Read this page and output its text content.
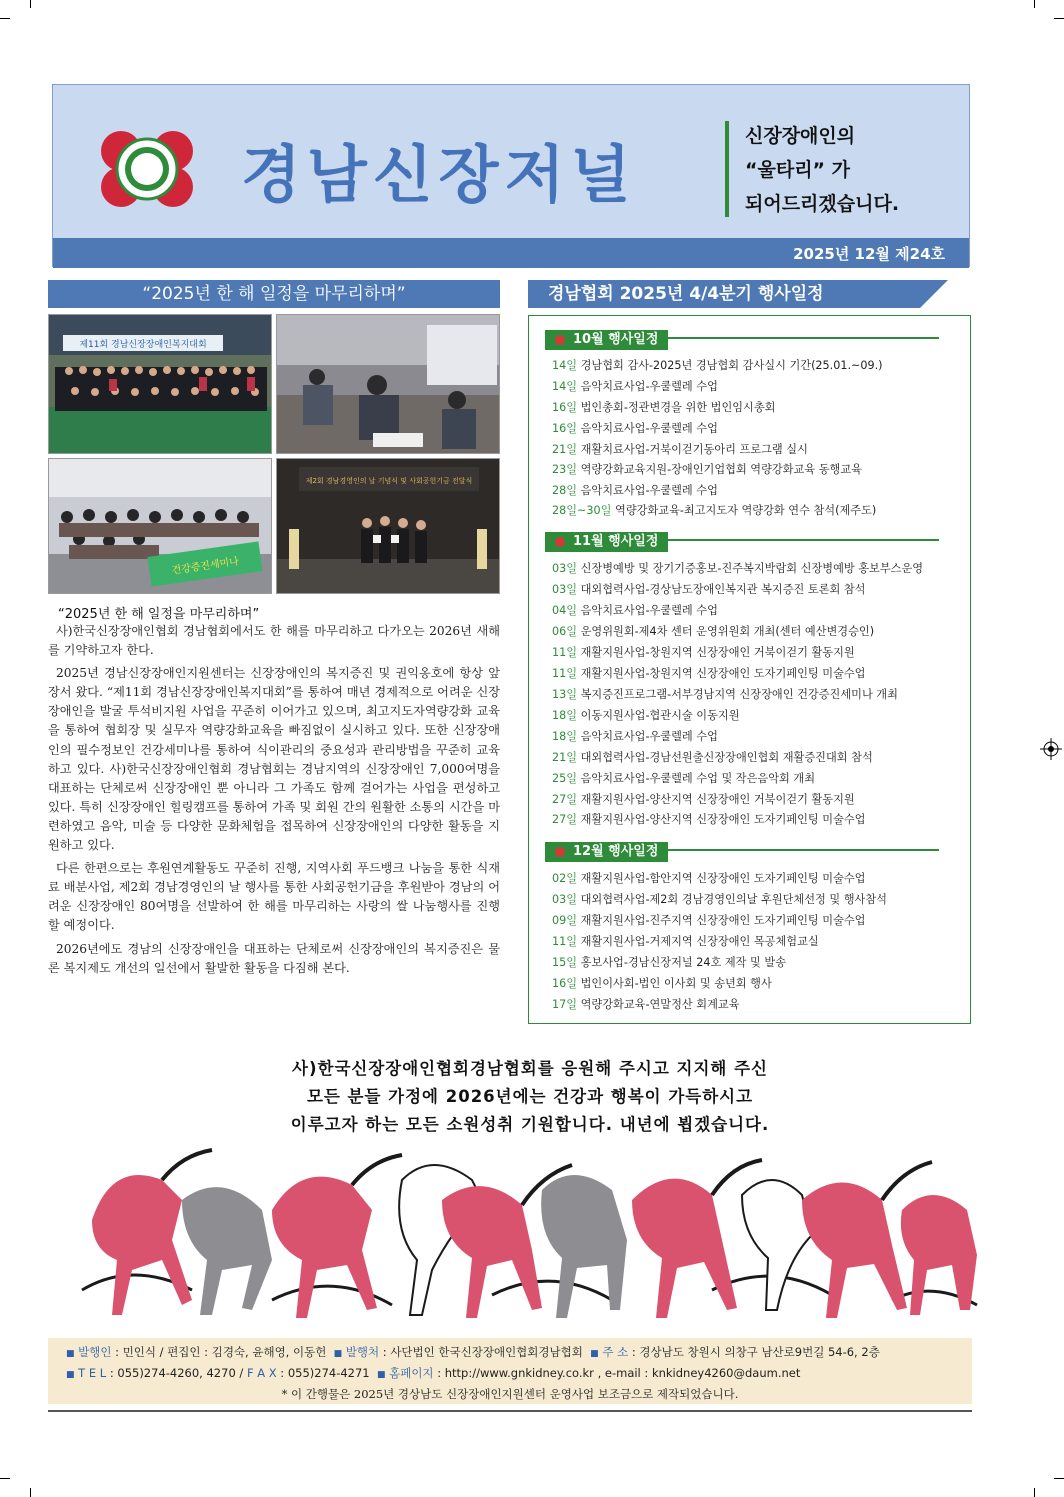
경남신장저널
신장장애인의
“울타리” 가
되어드리겠습니다.
2025년 12월 제24호
“2025년 한 해 일정을 마무리하며”	경남협회 2025년 4/4분기 행사일정
제11회 경남신장장애인복지대회
건강증진세미나
제2회 경남경영인의 날 기념식 및 사회공헌기금 전달식
“2025년 한 해 일정을 마무리하며”

사)한국신장장애인협회 경남협회에서도 한 해를 마무리하고 다가오는 2026년 새해를 기약하고자 한다.

2025년 경남신장장애인지원센터는 신장장애인의 복지증진 및 권익옹호에 항상 앞장서 왔다. “제11회 경남신장장애인복지대회”를 통하여 매년 경제적으로 어려운 신장장애인을 발굴 투석비지원 사업을 꾸준히 이어가고 있으며, 최고지도자역량강화 교육을 통하여 협회장 및 실무자 역량강화교육을 빠짐없이 실시하고 있다. 또한 신장장애인의 필수정보인 건강세미나를 통하여 식이관리의 중요성과 관리방법을 꾸준히 교육하고 있다. 사)한국신장장애인협회 경남협회는 경남지역의 신장장애인 7,000여명을 대표하는 단체로써 신장장애인 뿐 아니라 그 가족도 함께 걸어가는 사업을 편성하고 있다. 특히 신장장애인 힐링캠프를 통하여 가족 및 회원 간의 원활한 소통의 시간을 마련하였고 음악, 미술 등 다양한 문화체험을 접목하여 신장장애인의 다양한 활동을 지원하고 있다.

다른 한편으로는 후원연계활동도 꾸준히 진행, 지역사회 푸드뱅크 나눔을 통한 식재료 배분사업, 제2회 경남경영인의 날 행사를 통한 사회공헌기금을 후원받아 경남의 어려운 신장장애인 80여명을 선발하여 한 해를 마무리하는 사랑의 쌀 나눔행사를 진행 할 예정이다.

2026년에도 경남의 신장장애인을 대표하는 단체로써 신장장애인의 복지증진은 물론 복지제도 개선의 일선에서 활발한 활동을 다짐해 본다.

10월 행사일정
14일 경남협회 감사-2025년 경남협회 감사실시 기간(25.01.~09.)
14일 음악치료사업-우쿨렐레 수업
16일 법인총회-정관변경을 위한 법인임시총회
16일 음악치료사업-우쿨렐레 수업
21일 재활치료사업-거북이걷기동아리 프로그램 실시
23일 역량강화교육지원-장애인기업협회 역량강화교육 동행교육
28일 음악치료사업-우쿨렐레 수업
28일~30일 역량강화교육-최고지도자 역량강화 연수 참석(제주도)
11월 행사일정
03일 신장병예방 및 장기기증홍보-진주복지박람회 신장병예방 홍보부스운영
03일 대외협력사업-경상남도장애인복지관 복지증진 토론회 참석
04일 음악치료사업-우쿨렐레 수업
06일 운영위원회-제4차 센터 운영위원회 개최(센터 예산변경승인)
11일 재활지원사업-창원지역 신장장애인 거북이걷기 활동지원
11일 재활지원사업-창원지역 신장장애인 도자기페인팅 미술수업
13일 복지증진프로그램-서부경남지역 신장장애인 건강증진세미나 개최
18일 이동지원사업-협관시술 이동지원
18일 음악치료사업-우쿨렐레 수업
21일 대외협력사업-경남선원출신장장애인협회 재활증진대회 참석
25일 음악치료사업-우쿨렐레 수업 및 작은음악회 개최
27일 재활지원사업-양산지역 신장장애인 거북이걷기 활동지원
27일 재활지원사업-양산지역 신장장애인 도자기페인팅 미술수업
12월 행사일정
02일 재활지원사업-함안지역 신장장애인 도자기페인팅 미술수업
03일 대외협력사업-제2회 경남경영인의날 후원단체선정 및 행사참석
09일 재활지원사업-진주지역 신장장애인 도자기페인팅 미술수업
11일 재활지원사업-거제지역 신장장애인 목공체험교실
15일 홍보사업-경남신장저널 24호 제작 및 발송
16일 법인이사회-법인 이사회 및 송년회 행사
17일 역량강화교육-연말정산 회계교육
사)한국신장장애인협회경남협회를 응원해 주시고 지지해 주신
모든 분들 가정에 2026년에는 건강과 행복이 가득하시고
이루고자 하는 모든 소원성취 기원합니다. 내년에 뵙겠습니다.
■ 발행인 : 민인식 / 편집인 : 김경숙, 윤해영, 이동헌 ■ 발행처 : 사단법인 한국신장장애인협회경남협회 ■ 주 소 : 경상남도 창원시 의창구 남산로9번길 54-6, 2층
■ T E L : 055)274-4260, 4270 / F A X : 055)274-4271 ■ 홈페이지 : http://www.gnkidney.co.kr , e-mail : knkidney4260@daum.net
* 이 간행물은 2025년 경상남도 신장장애인지원센터 운영사업 보조금으로 제작되었습니다.
